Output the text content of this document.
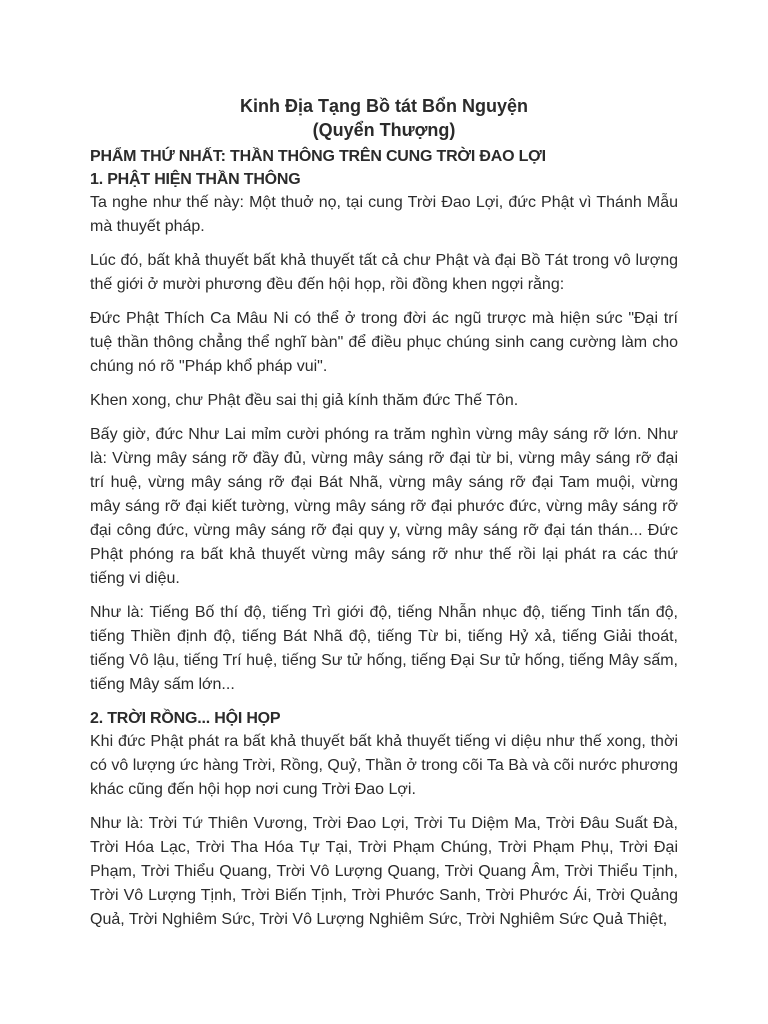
Kinh Địa Tạng Bồ tát Bổn Nguyện

(Quyển Thượng)

PHẨM THỨ NHẤT: THẦN THÔNG TRÊN CUNG TRỜI ĐAO LỢI

1. PHẬT HIỆN THẦN THÔNG

Ta nghe như thế này: Một thuở nọ, tại cung Trời Đao Lợi, đức Phật vì Thánh Mẫu mà thuyết pháp.

Lúc đó, bất khả thuyết bất khả thuyết tất cả chư Phật và đại Bồ Tát trong vô lượng thế giới ở mười phương đều đến hội họp, rồi đồng khen ngợi rằng:

Đức Phật Thích Ca Mâu Ni có thể ở trong đời ác ngũ trược mà hiện sức "Đại trí tuệ thần thông chẳng thể nghĩ bàn" để điều phục chúng sinh cang cường làm cho chúng nó rõ "Pháp khổ pháp vui".

Khen xong, chư Phật đều sai thị giả kính thăm đức Thế Tôn.

Bấy giờ, đức Như Lai mỉm cười phóng ra trăm nghìn vừng mây sáng rỡ lớn. Như là: Vừng mây sáng rỡ đầy đủ, vừng mây sáng rỡ đại từ bi, vừng mây sáng rỡ đại trí huệ, vừng mây sáng rỡ đại Bát Nhã, vừng mây sáng rỡ đại Tam muội, vừng mây sáng rỡ đại kiết tường, vừng mây sáng rỡ đại phước đức, vừng mây sáng rỡ đại công đức, vừng mây sáng rỡ đại quy y, vừng mây sáng rỡ đại tán thán... Đức Phật phóng ra bất khả thuyết vừng mây sáng rỡ như thế rồi lại phát ra các thứ tiếng vi diệu.

Như là: Tiếng Bố thí độ, tiếng Trì giới độ, tiếng Nhẫn nhục độ, tiếng Tinh tấn độ, tiếng Thiền định độ, tiếng Bát Nhã độ, tiếng Từ bi, tiếng Hỷ xả, tiếng Giải thoát, tiếng Vô lậu, tiếng Trí huệ, tiếng Sư tử hống, tiếng Đại Sư tử hống, tiếng Mây sấm, tiếng Mây sấm lớn...

2. TRỜI RỒNG... HỘI HỌP

Khi đức Phật phát ra bất khả thuyết bất khả thuyết tiếng vi diệu như thế xong, thời có vô lượng ức hàng Trời, Rồng, Quỷ, Thần ở trong cõi Ta Bà và cõi nước phương khác cũng đến hội họp nơi cung Trời Đao Lợi.

Như là: Trời Tứ Thiên Vương, Trời Đao Lợi, Trời Tu Diệm Ma, Trời Đâu Suất Đà, Trời Hóa Lạc, Trời Tha Hóa Tự Tại, Trời Phạm Chúng, Trời Phạm Phụ, Trời Đại Phạm, Trời Thiểu Quang, Trời Vô Lượng Quang, Trời Quang Âm, Trời Thiểu Tịnh, Trời Vô Lượng Tịnh, Trời Biến Tịnh, Trời Phước Sanh, Trời Phước Ái, Trời Quảng Quả, Trời Nghiêm Sức, Trời Vô Lượng Nghiêm Sức, Trời Nghiêm Sức Quả Thiệt,
